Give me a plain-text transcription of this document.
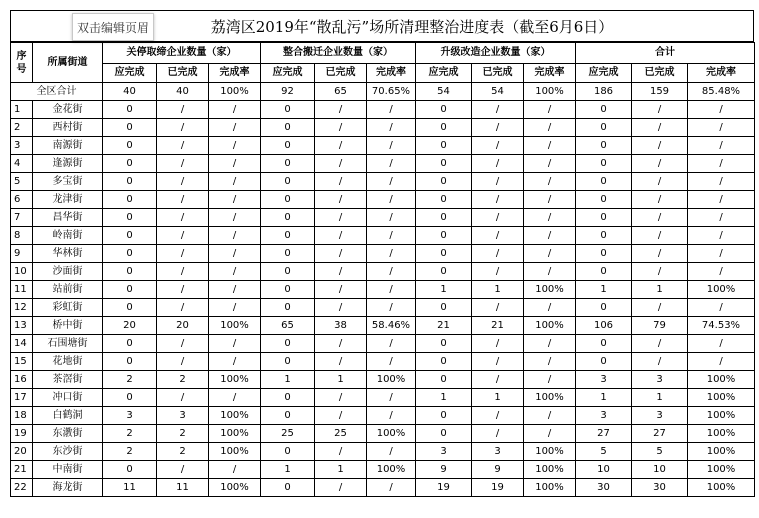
荔湾区2019年“散乱污”场所清理整治进度表（截至6月6日）
双击编辑页眉
序号	所属街道	关停取缔企业数量（家）			整合搬迁企业数量（家）			升级改造企业数量（家）			合计		
		应完成	已完成	完成率	应完成	已完成	完成率	应完成	已完成	完成率	应完成	已完成	完成率
全区合计		40	40	100%	92	65	70.65%	54	54	100%	186	159	85.48%
1	金花街	0	/	/	0	/	/	0	/	/	0	/	/
2	西村街	0	/	/	0	/	/	0	/	/	0	/	/
3	南源街	0	/	/	0	/	/	0	/	/	0	/	/
4	逢源街	0	/	/	0	/	/	0	/	/	0	/	/
5	多宝街	0	/	/	0	/	/	0	/	/	0	/	/
6	龙津街	0	/	/	0	/	/	0	/	/	0	/	/
7	昌华街	0	/	/	0	/	/	0	/	/	0	/	/
8	岭南街	0	/	/	0	/	/	0	/	/	0	/	/
9	华林街	0	/	/	0	/	/	0	/	/	0	/	/
10	沙面街	0	/	/	0	/	/	0	/	/	0	/	/
11	站前街	0	/	/	0	/	/	1	1	100%	1	1	100%
12	彩虹街	0	/	/	0	/	/	0	/	/	0	/	/
13	桥中街	20	20	100%	65	38	58.46%	21	21	100%	106	79	74.53%
14	石围塘街	0	/	/	0	/	/	0	/	/	0	/	/
15	花地街	0	/	/	0	/	/	0	/	/	0	/	/
16	茶滘街	2	2	100%	1	1	100%	0	/	/	3	3	100%
17	冲口街	0	/	/	0	/	/	1	1	100%	1	1	100%
18	白鹤洞	3	3	100%	0	/	/	0	/	/	3	3	100%
19	东漖街	2	2	100%	25	25	100%	0	/	/	27	27	100%
20	东沙街	2	2	100%	0	/	/	3	3	100%	5	5	100%
21	中南街	0	/	/	1	1	100%	9	9	100%	10	10	100%
22	海龙街	11	11	100%	0	/	/	19	19	100%	30	30	100%
